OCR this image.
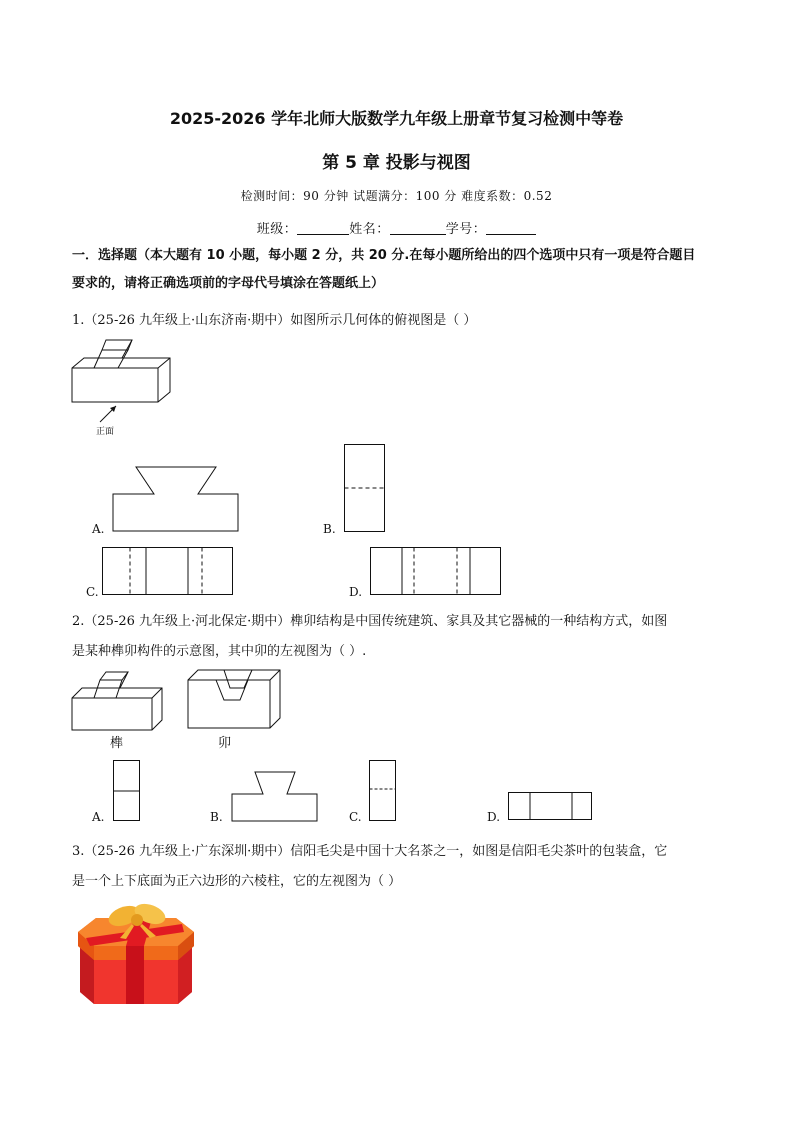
2025-2026 学年北师大版数学九年级上册章节复习检测中等卷
第 5 章 投影与视图
检测时间：90 分钟 试题满分：100 分 难度系数：0.52
班级：	姓名：	学号：
一．选择题（本大题有 10 小题，每小题 2 分，共 20 分.在每小题所给出的四个选项中只有一项是符合题目
要求的，请将正确选项前的字母代号填涂在答题纸上）
1.（25-26 九年级上·山东济南·期中）如图所示几何体的俯视图是（ ）
正面
A.	B.
C.	D.
2.（25-26 九年级上·河北保定·期中）榫卯结构是中国传统建筑、家具及其它器械的一种结构方式，如图
是某种榫卯构件的示意图，其中卯的左视图为（ ）.
榫	卯
A.	B.	C.	D.
3.（25-26 九年级上·广东深圳·期中）信阳毛尖是中国十大名茶之一，如图是信阳毛尖茶叶的包装盒，它
是一个上下底面为正六边形的六棱柱，它的左视图为（ ）
